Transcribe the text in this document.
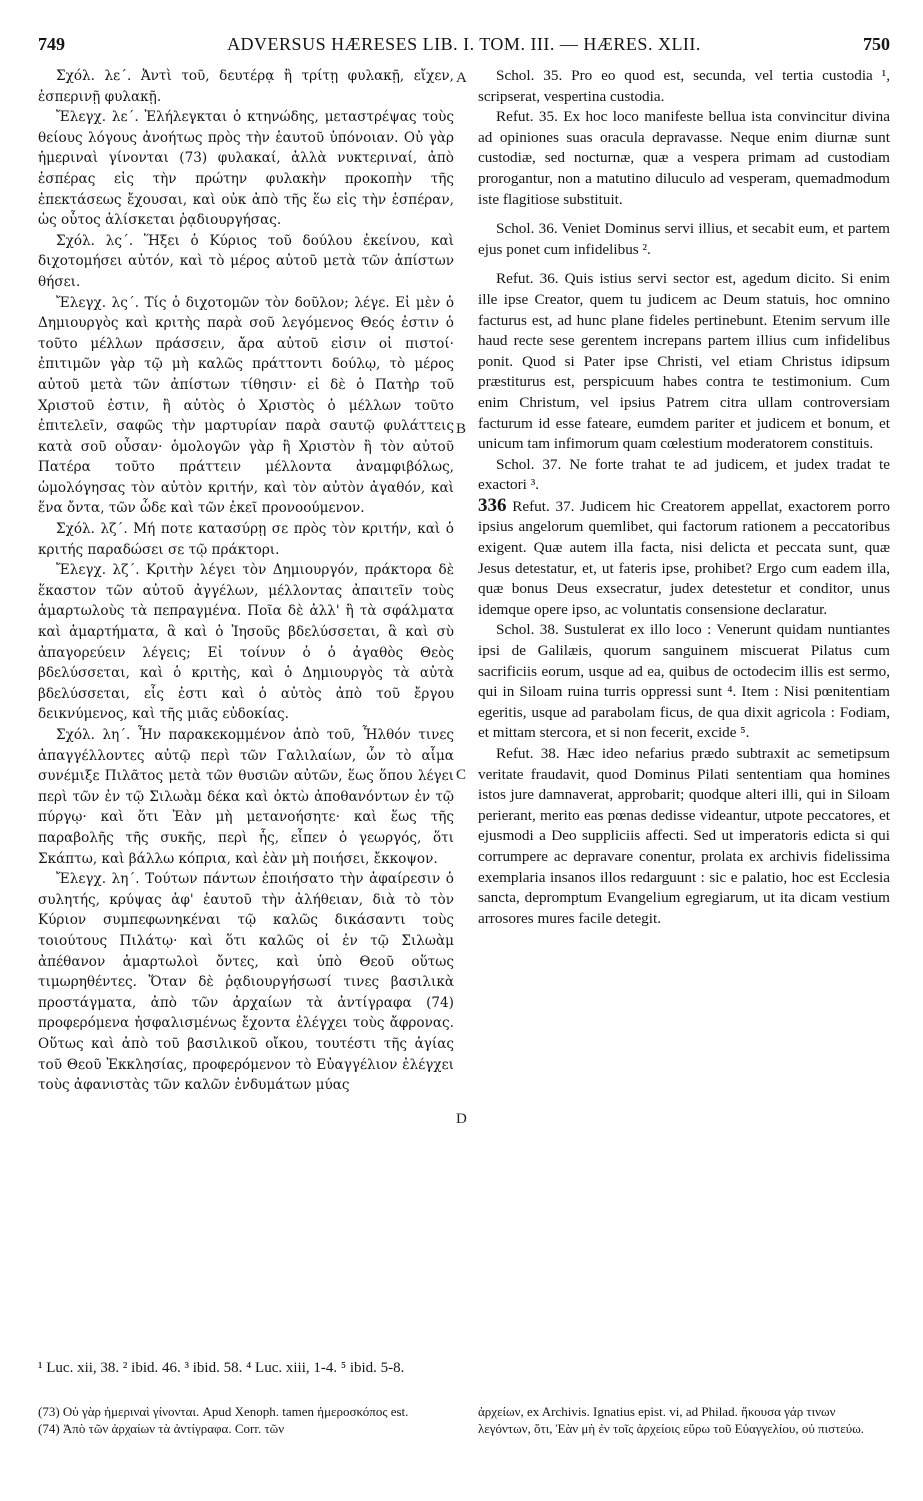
749	ADVERSUS HÆRESES LIB. I. TOM. III. — HÆRES. XLII.	750

Σχόλ. λε΄. Ἀντὶ τοῦ, δευτέρᾳ ἢ τρίτῃ φυλακῇ, εἴχεν, ἑσπερινῇ φυλακῇ.

Ἔλεγχ. λε΄. Ἐλήλεγκται ὁ κτηνώδης, μεταστρέψας τοὺς θείους λόγους ἀνοήτως πρὸς τὴν ἑαυτοῦ ὑπόνοιαν. Οὐ γὰρ ἡμεριναὶ γίνονται (73) φυλακαί, ἀλλὰ νυκτεριναί, ἀπὸ ἑσπέρας εἰς τὴν πρώτην φυλακὴν προκοπὴν τῆς ἐπεκτάσεως ἔχουσαι, καὶ οὐκ ἀπὸ τῆς ἕω εἰς τὴν ἑσπέραν, ὡς οὗτος ἁλίσκεται ῥᾳδιουργήσας.

Σχόλ. λς΄. Ἥξει ὁ Κύριος τοῦ δούλου ἐκείνου, καὶ διχοτομήσει αὐτόν, καὶ τὸ μέρος αὐτοῦ μετὰ τῶν ἀπίστων θήσει.

Ἔλεγχ. λς΄. Τίς ὁ διχοτομῶν τὸν δοῦλον; λέγε. Εἰ μὲν ὁ Δημιουργὸς καὶ κριτὴς παρὰ σοῦ λεγόμενος Θεός ἐστιν ὁ τοῦτο μέλλων πράσσειν, ἄρα αὐτοῦ εἰσιν οἱ πιστοί· ἐπιτιμῶν γὰρ τῷ μὴ καλῶς πράττοντι δούλῳ, τὸ μέρος αὐτοῦ μετὰ τῶν ἀπίστων τίθησιν· εἰ δὲ ὁ Πατὴρ τοῦ Χριστοῦ ἐστιν, ἢ αὐτὸς ὁ Χριστὸς ὁ μέλλων τοῦτο ἐπιτελεῖν, σαφῶς τὴν μαρτυρίαν παρὰ σαυτῷ φυλάττεις κατὰ σοῦ οὖσαν· ὁμολογῶν γὰρ ἢ Χριστὸν ἢ τὸν αὐτοῦ Πατέρα τοῦτο πράττειν μέλλοντα ἀναμφιβόλως, ὡμολόγησας τὸν αὐτὸν κριτήν, καὶ τὸν αὐτὸν ἀγαθόν, καὶ ἕνα ὄντα, τῶν ὧδε καὶ τῶν ἐκεῖ προνοούμενον.

Σχόλ. λζ΄. Μή ποτε κατασύρῃ σε πρὸς τὸν κριτήν, καὶ ὁ κριτής παραδώσει σε τῷ πράκτορι.

Ἔλεγχ. λζ΄. Κριτὴν λέγει τὸν Δημιουργόν, πράκτορα δὲ ἕκαστον τῶν αὐτοῦ ἀγγέλων, μέλλοντας ἀπαιτεῖν τοὺς ἁμαρτωλοὺς τὰ πεπραγμένα. Ποῖα δὲ ἀλλ' ἢ τὰ σφάλματα καὶ ἁμαρτήματα, ἃ καὶ ὁ Ἰησοῦς βδελύσσεται, ἃ καὶ σὺ ἀπαγορεύειν λέγεις; Εἰ τοίνυν ὁ ὁ ἀγαθὸς Θεὸς βδελύσσεται, καὶ ὁ κριτὴς, καὶ ὁ Δημιουργὸς τὰ αὐτὰ βδελύσσεται, εἷς ἐστι καὶ ὁ αὐτὸς ἀπὸ τοῦ ἔργου δεικνύμενος, καὶ τῆς μιᾶς εὐδοκίας.

Σχόλ. λη΄. Ἦν παρακεκομμένον ἀπὸ τοῦ, Ἦλθόν τινες ἀπαγγέλλοντες αὐτῷ περὶ τῶν Γαλιλαίων, ὧν τὸ αἷμα συνέμιξε Πιλᾶτος μετὰ τῶν θυσιῶν αὐτῶν, ἕως ὅπου λέγει περὶ τῶν ἐν τῷ Σιλωὰμ δέκα καὶ ὀκτὼ ἀποθανόντων ἐν τῷ πύργῳ· καὶ ὅτι Ἐὰν μὴ μετανοήσητε· καὶ ἕως τῆς παραβολῆς τῆς συκῆς, περὶ ἧς, εἶπεν ὁ γεωργός, ὅτι Σκάπτω, καὶ βάλλω κόπρια, καὶ ἐὰν μὴ ποιήσει, ἔκκοψον.

Ἔλεγχ. λη΄. Τούτων πάντων ἐποιήσατο τὴν ἀφαίρεσιν ὁ συλητής, κρύψας ἀφ' ἑαυτοῦ τὴν ἀλήθειαν, διὰ τὸ τὸν Κύριον συμπεφωνηκέναι τῷ καλῶς δικάσαντι τοὺς τοιούτους Πιλάτῳ· καὶ ὅτι καλῶς οἱ ἐν τῷ Σιλωὰμ ἀπέθανον ἁμαρτωλοὶ ὄντες, καὶ ὑπὸ Θεοῦ οὕτως τιμωρηθέντες. Ὅταν δὲ ῥᾳδιουργήσωσί τινες βασιλικὰ προστάγματα, ἀπὸ τῶν ἀρχαίων τὰ ἀντίγραφα (74) προφερόμενα ἠσφαλισμένως ἔχοντα ἐλέγχει τοὺς ἄφρονας. Οὕτως καὶ ἀπὸ τοῦ βασιλικοῦ οἴκου, τουτέστι τῆς ἁγίας τοῦ Θεοῦ Ἐκκλησίας, προφερόμενον τὸ Εὐαγγέλιον ἐλέγχει τοὺς ἀφανιστὰς τῶν καλῶν ἐνδυμάτων μύας

A
B
C
D

Schol. 35. Pro eo quod est, secunda, vel tertia custodia ¹, scripserat, vespertina custodia.

Refut. 35. Ex hoc loco manifeste bellua ista convincitur divina ad opiniones suas oracula depravasse. Neque enim diurnæ sunt custodiæ, sed nocturnæ, quæ a vespera primam ad custodiam prorogantur, non a matutino diluculo ad vesperam, quemadmodum iste flagitiose substituit.

Schol. 36. Veniet Dominus servi illius, et secabit eum, et partem ejus ponet cum infidelibus ².

Refut. 36. Quis istius servi sector est, agedum dicito. Si enim ille ipse Creator, quem tu judicem ac Deum statuis, hoc omnino facturus est, ad hunc plane fideles pertinebunt. Etenim servum ille haud recte sese gerentem increpans partem illius cum infidelibus ponit. Quod si Pater ipse Christi, vel etiam Christus idipsum præstiturus est, perspicuum habes contra te testimonium. Cum enim Christum, vel ipsius Patrem citra ullam controversiam facturum id esse fateare, eumdem pariter et judicem et bonum, et unicum tam infimorum quam cœlestium moderatorem constituis.

Schol. 37. Ne forte trahat te ad judicem, et judex tradat te exactori ³.

336 Refut. 37. Judicem hic Creatorem appellat, exactorem porro ipsius angelorum quemlibet, qui factorum rationem a peccatoribus exigent. Quæ autem illa facta, nisi delicta et peccata sunt, quæ Jesus detestatur, et, ut fateris ipse, prohibet? Ergo cum eadem illa, quæ bonus Deus exsecratur, judex detestetur et conditor, unus idemque opere ipso, ac voluntatis consensione declaratur.

Schol. 38. Sustulerat ex illo loco : Venerunt quidam nuntiantes ipsi de Galilæis, quorum sanguinem miscuerat Pilatus cum sacrificiis eorum, usque ad ea, quibus de octodecim illis est sermo, qui in Siloam ruina turris oppressi sunt ⁴. Item : Nisi pœnitentiam egeritis, usque ad parabolam ficus, de qua dixit agricola : Fodiam, et mittam stercora, et si non fecerit, excide ⁵.

Refut. 38. Hæc ideo nefarius prædo subtraxit ac semetipsum veritate fraudavit, quod Dominus Pilati sententiam qua homines istos jure damnaverat, approbarit; quodque alteri illi, qui in Siloam perierant, merito eas pœnas dedisse videantur, utpote peccatores, et ejusmodi a Deo suppliciis affecti. Sed ut imperatoris edicta si qui corrumpere ac depravare conentur, prolata ex archivis fidelissima exemplaria insanos illos redarguunt : sic e palatio, hoc est Ecclesia sancta, depromptum Evangelium egregiarum, ut ita dicam vestium arrosores mures facile detegit.

¹ Luc. xii, 38. ² ibid. 46. ³ ibid. 58. ⁴ Luc. xiii, 1-4. ⁵ ibid. 5-8.

(73) Οὐ γὰρ ἡμεριναὶ γίνονται. Apud Xenoph. tamen ἡμεροσκόπος est.

(74) Ἀπὸ τῶν ἀρχαίων τὰ ἀντίγραφα. Corr. τῶν

ἀρχείων, ex Archivis. Ignatius epist. vi, ad Philad. ἤκουσα γάρ τινων λεγόντων, ὅτι, Ἐὰν μὴ ἐν τοῖς ἀρχείοις εὕρω τοῦ Εὐαγγελίου, οὐ πιστεύω.
